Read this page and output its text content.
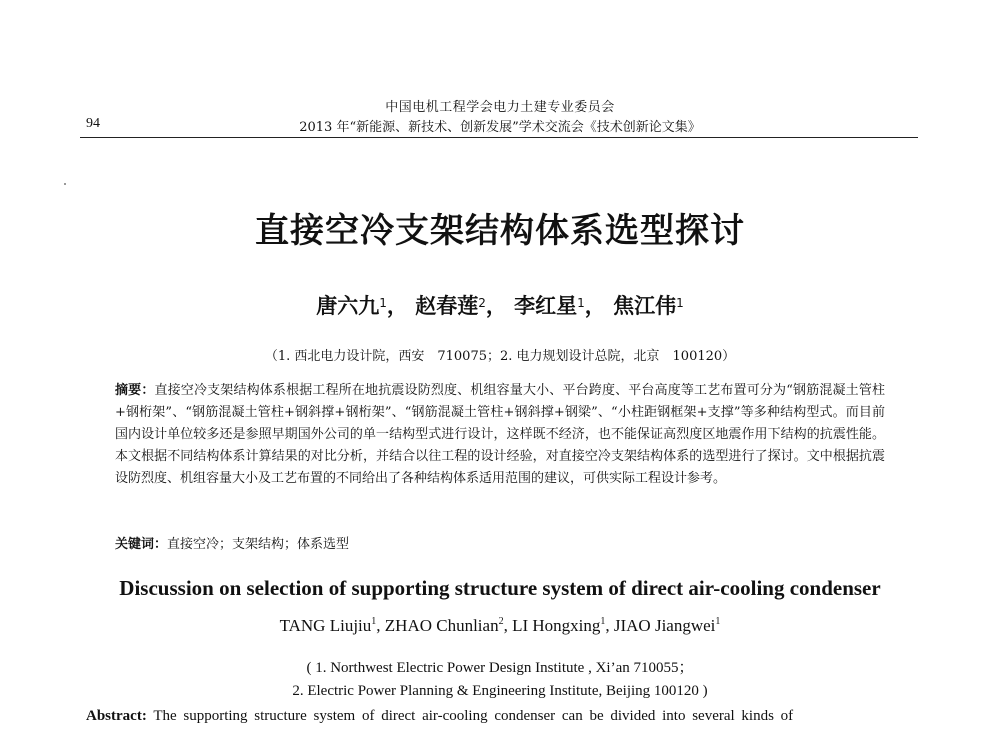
中国电机工程学会电力土建专业委员会
2013 年“新能源、新技术、创新发展”学术交流会《技术创新论文集》
94
直接空冷支架结构体系选型探讨
唐六九$^1$， 赵春莲$^2$， 李红星$^1$， 焦江伟$^1$
（1. 西北电力设计院，西安　710075；2. 电力规划设计总院，北京　100120）
摘要：直接空冷支架结构体系根据工程所在地抗震设防烈度、机组容量大小、平台跨度、平台高度等工艺布置可分为“钢筋混凝土管柱+钢桁架”、“钢筋混凝土管柱+钢斜撑+钢桁架”、“钢筋混凝土管柱+钢斜撑+钢梁”、“小柱距钢框架+支撑”等多种结构型式。而目前国内设计单位较多还是参照早期国外公司的单一结构型式进行设计，这样既不经济，也不能保证高烈度区地震作用下结构的抗震性能。本文根据不同结构体系计算结果的对比分析，并结合以往工程的设计经验，对直接空冷支架结构体系的选型进行了探讨。文中根据抗震设防烈度、机组容量大小及工艺布置的不同给出了各种结构体系适用范围的建议，可供实际工程设计参考。
关键词：直接空冷；支架结构；体系选型
Discussion on selection of supporting structure system of direct air-cooling condenser
TANG Liujiu$^1$, ZHAO Chunlian$^2$, LI Hongxing$^1$, JIAO Jiangwei$^1$
( 1. Northwest Electric Power Design Institute , Xi’an 710055；
2. Electric Power Planning & Engineering Institute, Beijing 100120 )
Abstract: The supporting structure system of direct air-cooling condenser can be divided into several kinds of
